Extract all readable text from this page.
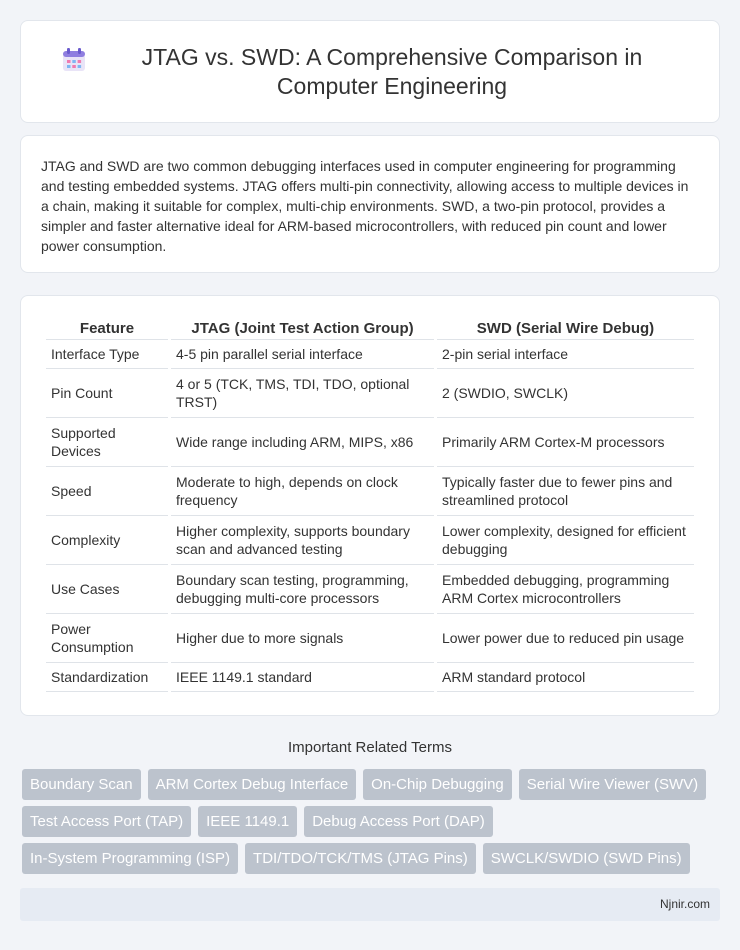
JTAG vs. SWD: A Comprehensive Comparison in Computer Engineering

JTAG and SWD are two common debugging interfaces used in computer engineering for programming and testing embedded systems. JTAG offers multi-pin connectivity, allowing access to multiple devices in a chain, making it suitable for complex, multi-chip environments. SWD, a two-pin protocol, provides a simpler and faster alternative ideal for ARM-based microcontrollers, with reduced pin count and lower power consumption.

Feature	JTAG (Joint Test Action Group)	SWD (Serial Wire Debug)
Interface Type	4-5 pin parallel serial interface	2-pin serial interface
Pin Count	4 or 5 (TCK, TMS, TDI, TDO, optional TRST)	2 (SWDIO, SWCLK)
Supported Devices	Wide range including ARM, MIPS, x86	Primarily ARM Cortex-M processors
Speed	Moderate to high, depends on clock frequency	Typically faster due to fewer pins and streamlined protocol
Complexity	Higher complexity, supports boundary scan and advanced testing	Lower complexity, designed for efficient debugging
Use Cases	Boundary scan testing, programming, debugging multi-core processors	Embedded debugging, programming ARM Cortex microcontrollers
Power Consumption	Higher due to more signals	Lower power due to reduced pin usage
Standardization	IEEE 1149.1 standard	ARM standard protocol
Important Related Terms
Boundary Scan	ARM Cortex Debug Interface	On-Chip Debugging	Serial Wire Viewer (SWV)
Test Access Port (TAP)	IEEE 1149.1	Debug Access Port (DAP)
In-System Programming (ISP)	TDI/TDO/TCK/TMS (JTAG Pins)	SWCLK/SWDIO (SWD Pins)
Njnir.com
